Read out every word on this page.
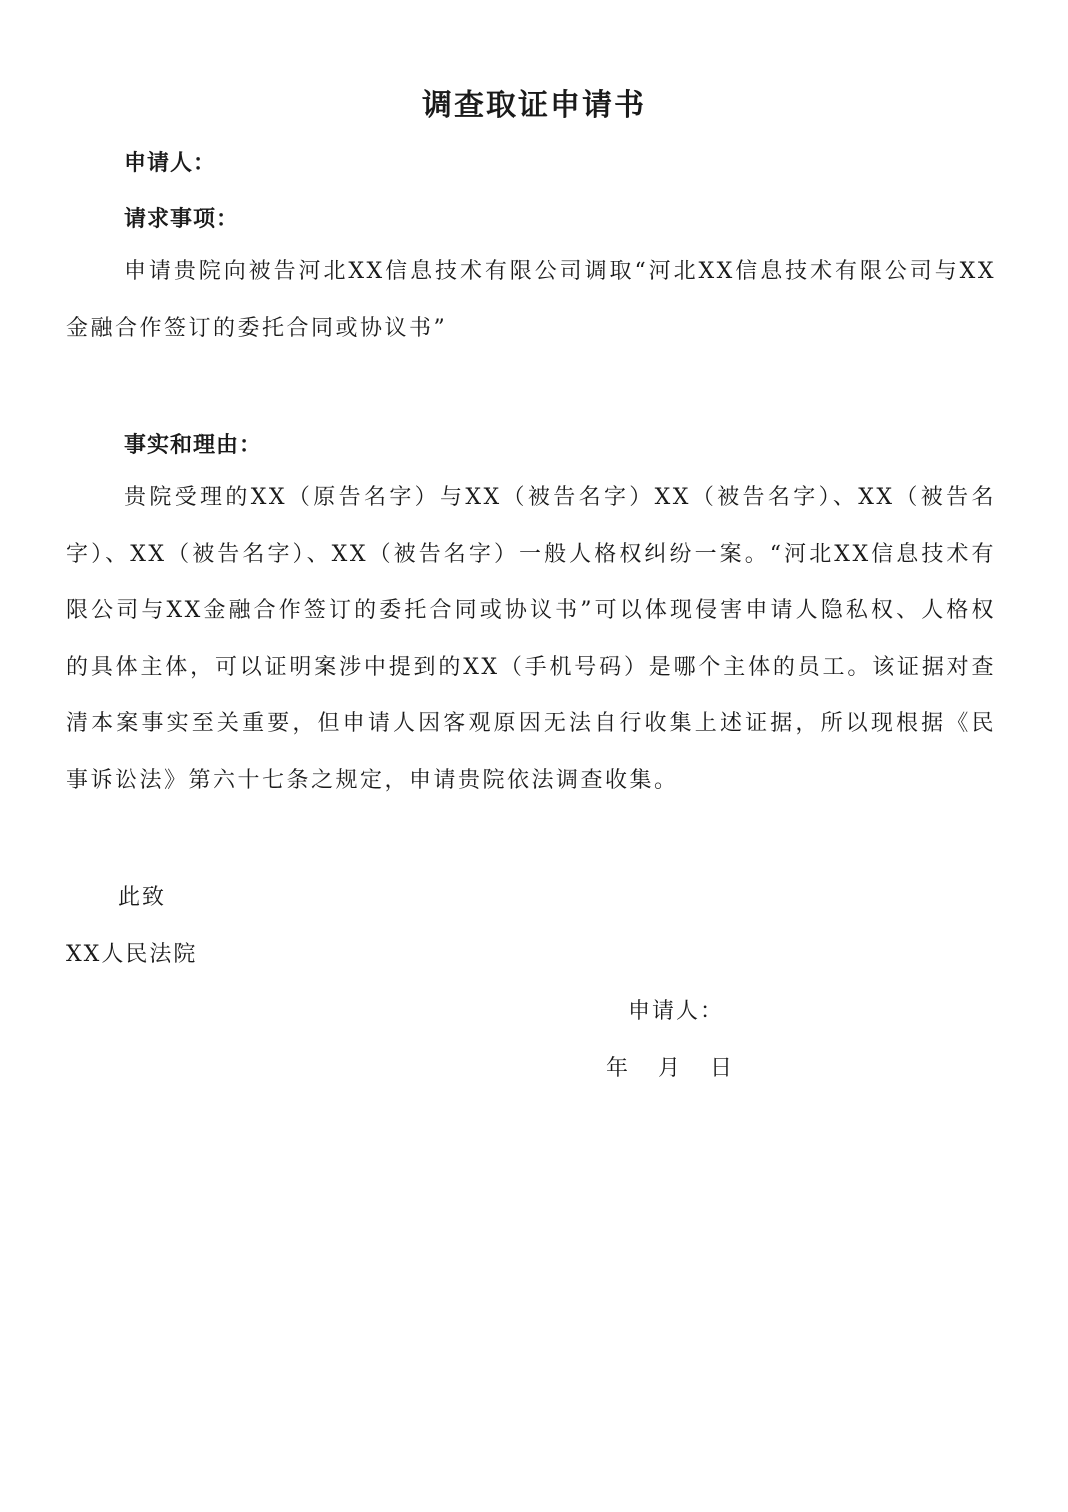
调查取证申请书
申请人：
请求事项：
申请贵院向被告河北XX信息技术有限公司调取“河北XX信息技术有限公司与XX金融合作签订的委托合同或协议书”
事实和理由：
贵院受理的XX（原告名字）与XX（被告名字）XX（被告名字）、XX（被告名字）、XX（被告名字）、XX（被告名字）一般人格权纠纷一案。“河北XX信息技术有限公司与XX金融合作签订的委托合同或协议书”可以体现侵害申请人隐私权、人格权的具体主体，可以证明案涉中提到的XX（手机号码）是哪个主体的员工。该证据对查清本案事实至关重要，但申请人因客观原因无法自行收集上述证据，所以现根据《民事诉讼法》第六十七条之规定，申请贵院依法调查收集。
此致
XX人民法院
申请人：
年　月　日
